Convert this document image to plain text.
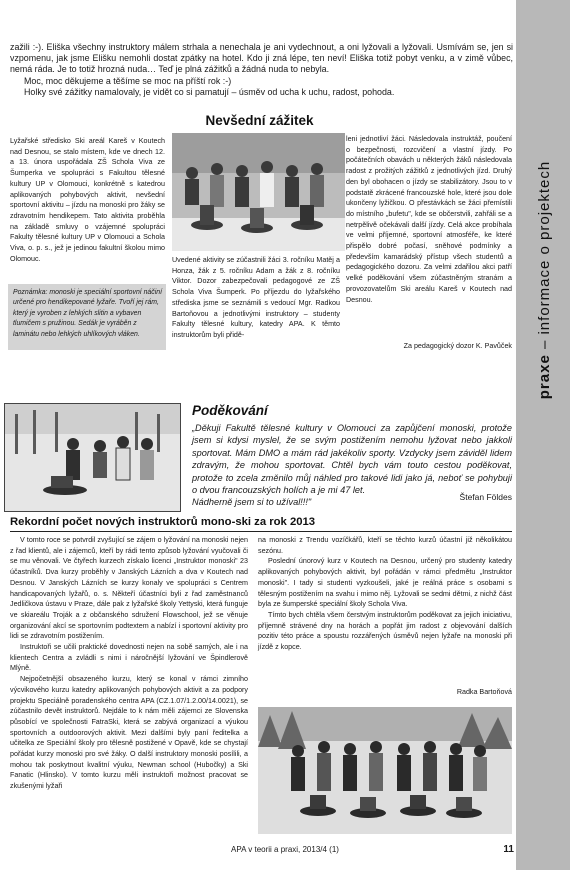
praxe – informace o projektech

zažili :-). Eliška všechny instruktory málem strhala a nenechala je ani vydechnout, a oni lyžovali a lyžovali. Usmívám se, jen si vzpomenu, jak jsme Elišku nemohli dostat zpátky na hotel. Kdo ji zná lépe, ten neví! Eliška totiž pobyt venku, a v zimě vůbec, nemá ráda. Je to totiž hrozná nuda… Teď je plná zážitků a žádná nuda to nebyla.

Moc, moc děkujeme a těšíme se moc na příští rok :-)

Holky své zážitky namalovaly, je vidět co si pamatují – úsměv od ucha k uchu, radost, pohoda.

Nevšední zážitek
Lyžařské středisko Ski areál Kareš v Koutech nad Desnou, se stalo místem, kde ve dnech 12. a 13. února uspořádala ZŠ Schola Viva ze Šumperka ve spolupráci s Fakultou tělesné kultury UP v Olomouci, konkrétně s katedrou aplikovaných pohybových aktivit, nevšední sportovní aktivitu – jízdu na monoski pro žáky se zdravotním hendikepem. Tato aktivita proběhla na základě smluvy o vzájemné spolupráci Fakulty tělesné kultury UP v Olomouci a Schola Viva, o. p. s., jež je jedinou fakultní školou mimo Olomouc.
Poznámka: monoski je speciální sportovní náčiní určené pro hendikepované lyžaře. Tvoří jej rám, který je vyroben z lehkých slitin a vybaven tlumičem s pružinou. Sedák je vyráběn z laminátu nebo lehkých uhlíkových vláken.
Uvedené aktivity se zúčastnili žáci 3. ročníku Matěj a Honza, žák z 5. ročníku Adam a žák z 8. ročníku Viktor. Dozor zabezpečovali pedagogové ze ZŠ Schola Viva Šumperk. Po příjezdu do lyžařského střediska jsme se seznámili s vedoucí Mgr. Radkou Bartoňovou a jednotlivými instruktory – studenty Fakulty tělesné kultury, katedry APA. K těmto instruktorům byli přidě-
leni jednotliví žáci. Následovala instruktáž, poučení o bezpečnosti, rozcvičení a vlastní jízdy. Po počátečních obavách u některých žáků následovala radost z prožitých zážitků z jednotlivých jízd. Druhý den byl obohacen o jízdy se stabilizátory. Jsou to v podstatě zkrácené francouzské hole, které jsou dole ukončeny lyžičkou. O přestávkách se žáci přemístili do místního „bufetu", kde se občerstvili, zahřáli se a netrpělivě očekávali další jízdy. Celá akce probíhala ve velmi příjemné, sportovní atmosféře, ke které přispělo dobré počasí, sněhové podmínky a především kamarádský přístup všech studentů a pedagogického dozoru. Za velmi zdařilou akci patří velké poděkování všem zúčastněným stranám a provozovatelům Ski areálu Kareš v Koutech nad Desnou.
Za pedagogický dozor K. Pavůček
Poděkování

„Děkuji Fakultě tělesné kultury v Olomouci za zapůjčení monoski, protože jsem si kdysi myslel, že se svým postižením nemohu lyžovat nebo jakkoli sportovat. Mám DMO a mám rád jakékoliv sporty. Vzdycky jsem záviděl lidem zdravým, že mohou sportovat. Chtěl bych vám touto cestou poděkovat, protože to zcela změnilo můj náhled pro takové lidi jako já, neboť se pohybuji o dvou francouzských holích a je mi 47 let.

Nádherně jsem si to užíval!!!"

Štefan Földes
Rekordní počet nových instruktorů mono-ski za rok 2013

V tomto roce se potvrdil zvyšující se zájem o lyžování na monoski nejen z řad klientů, ale i zájemců, kteří by rádi tento způsob lyžování vyučovali či se mu věnovali. Ve čtyřech kurzech získalo licenci „Instruktor monoski" 23 účastníků. Dva kurzy proběhly v Janských Lázních a dva v Koutech nad Desnou. V Janských Lázních se kurzy konaly ve spolupráci s Centrem handicapovaných lyžařů, o. s. Někteří účastníci byli z řad zaměstnanců Jedličkova ústavu v Praze, dále pak z lyžařské školy Yettyski, která funguje ve skiareálu Troják a z občanského sdružení Flowschool, jež se věnuje organizování akcí se sportovním podtextem a nabízí i sportovní aktivity pro lidi se zdravotním postižením.

Instruktoři se učili praktické dovednosti nejen na sobě samých, ale i na klientech Centra a zvládli s nimi i náročnější lyžování ve Špindlerově Mlýně.

Nejpočetnější obsazeného kurzu, který se konal v rámci zimního výcvikového kurzu katedry aplikovaných pohybových aktivit a za podpory projektu Speciálně poradenského centra APA (CZ.1.07/1.2.00/14.0021), se zúčastnilo devět instruktorů. Nejdále to k nám měli zájemci ze Slovenska působící ve společnosti FatraSki, která se zabývá organizací a výukou sportovních a outdoorových aktivit. Mezi dalšími byly paní ředitelka a učitelka ze Speciální školy pro tělesně postižené v Opavě, kde se chystají pořádat kurzy monoski pro své žáky. O další instruktory monoski posílili, a mohou tak poskytnout kvalitní výuku, Newman school (Hubočky) a Ski Fanatic (Hlinsko). V tomto kurzu měli instruktoři možnost pracovat se zkušenými lyžaři

na monoski z Trendu vozíčkářů, kteří se těchto kurzů účastní již několikátou sezónu.

Poslední únorový kurz v Koutech na Desnou, určený pro studenty katedry aplikovaných pohybových aktivit, byl pořádán v rámci předmětu „Instruktor monoski". I tady si studenti vyzkoušeli, jaké je reálná práce s osobami s tělesným postižením na svahu i mimo něj. Lyžovali se sedmi dětmi, z nichž část byla ze šumperské speciální školy Schola Viva.

Tímto bych chtěla všem čerstvým instruktorům poděkovat za jejich iniciativu, příjemně strávené dny na horách a popřát jim radost z objevování dalších pozitiv této práce a spoustu rozzářených úsměvů nejen lyžaře na monoski při jízdě z kopce.

Radka Bartoňová
APA v teorii a praxi, 2013/4 (1)	11
